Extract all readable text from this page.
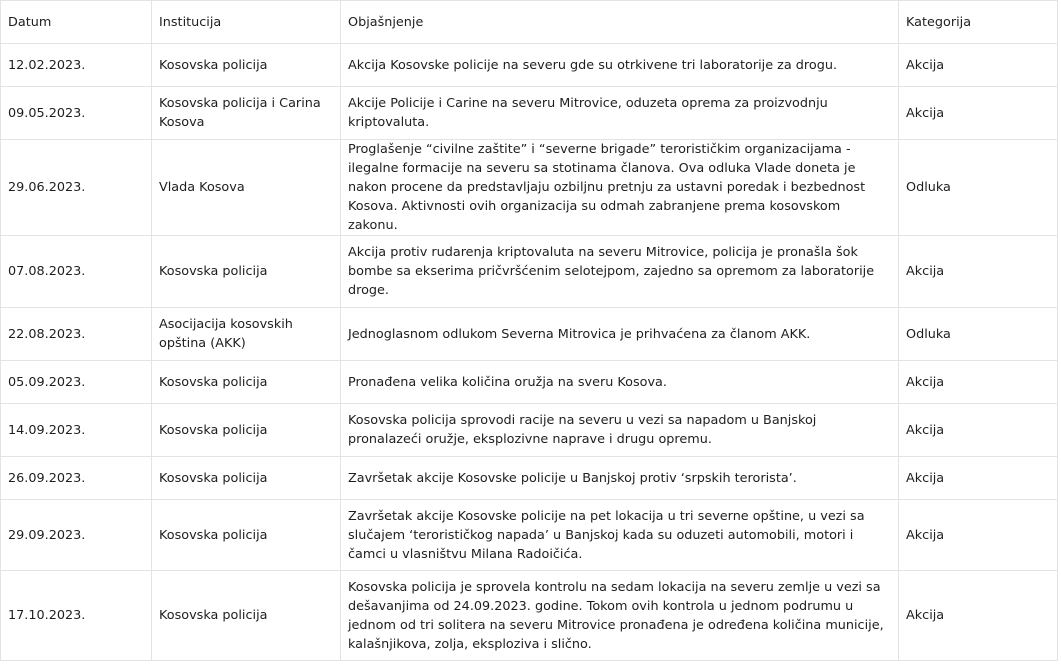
Datum	Institucija	Objašnjenje	Kategorija
12.02.2023.	Kosovska policija	Akcija Kosovske policije na severu gde su otrkivene tri laboratorije za drogu.	Akcija
09.05.2023.	Kosovska policija i Carina Kosova	Akcije Policije i Carine na severu Mitrovice, oduzeta oprema za proizvodnju kriptovaluta.	Akcija
29.06.2023.	Vlada Kosova	Proglašenje “civilne zaštite” i “severne brigade” terorističkim organizacijama - ilegalne formacije na severu sa stotinama članova. Ova odluka Vlade doneta je nakon procene da predstavljaju ozbiljnu pretnju za ustavni poredak i bezbednost Kosova. Aktivnosti ovih organizacija su odmah zabranjene prema kosovskom zakonu.	Odluka
07.08.2023.	Kosovska policija	Akcija protiv rudarenja kriptovaluta na severu Mitrovice, policija je pronašla šok bombe sa ekserima pričvršćenim selotejpom, zajedno sa opremom za laboratorije droge.	Akcija
22.08.2023.	Asocijacija kosovskih opština (AKK)	Jednoglasnom odlukom Severna Mitrovica je prihvaćena za članom AKK.	Odluka
05.09.2023.	Kosovska policija	Pronađena velika količina oružja na sveru Kosova.	Akcija
14.09.2023.	Kosovska policija	Kosovska policija sprovodi racije na severu u vezi sa napadom u Banjskoj pronalazeći oružje, eksplozivne naprave i drugu opremu.	Akcija
26.09.2023.	Kosovska policija	Završetak akcije Kosovske policije u Banjskoj protiv ‘srpskih terorista’.	Akcija
29.09.2023.	Kosovska policija	Završetak akcije Kosovske policije na pet lokacija u tri severne opštine, u vezi sa slučajem ‘terorističkog napada’ u Banjskoj kada su oduzeti automobili, motori i čamci u vlasništvu Milana Radoičića.	Akcija
17.10.2023.	Kosovska policija	Kosovska policija je sprovela kontrolu na sedam lokacija na severu zemlje u vezi sa dešavanjima od 24.09.2023. godine. Tokom ovih kontrola u jednom podrumu u jednom od tri solitera na severu Mitrovice pronađena je određena količina municije, kalašnjikova, zolja, eksploziva i slično.	Akcija
